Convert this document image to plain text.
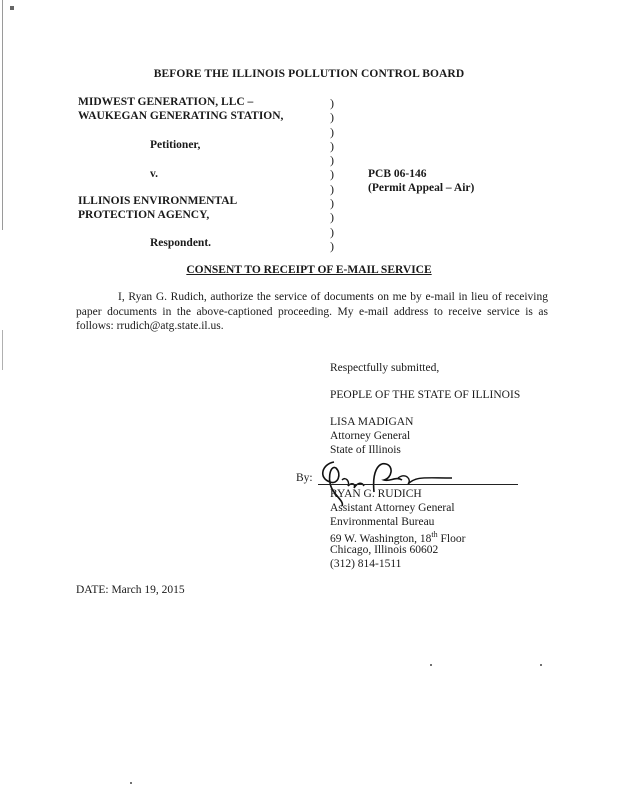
BEFORE THE ILLINOIS POLLUTION CONTROL BOARD
MIDWEST GENERATION, LLC –
WAUKEGAN GENERATING STATION,
Petitioner,
v.
ILLINOIS ENVIRONMENTAL
PROTECTION AGENCY,
Respondent.
)
)
)
)
)
)
)
)
)
)
)
PCB 06-146
(Permit Appeal – Air)
CONSENT TO RECEIPT OF E-MAIL SERVICE
I, Ryan G. Rudich, authorize the service of documents on me by e-mail in lieu of receiving paper documents in the above-captioned proceeding. My e-mail address to receive service is as follows: rrudich@atg.state.il.us.
Respectfully submitted,
PEOPLE OF THE STATE OF ILLINOIS
LISA MADIGAN
Attorney General
State of Illinois
By:
RYAN G. RUDICH
Assistant Attorney General
Environmental Bureau
69 W. Washington, 18th Floor
Chicago, Illinois 60602
(312) 814-1511
DATE: March 19, 2015
